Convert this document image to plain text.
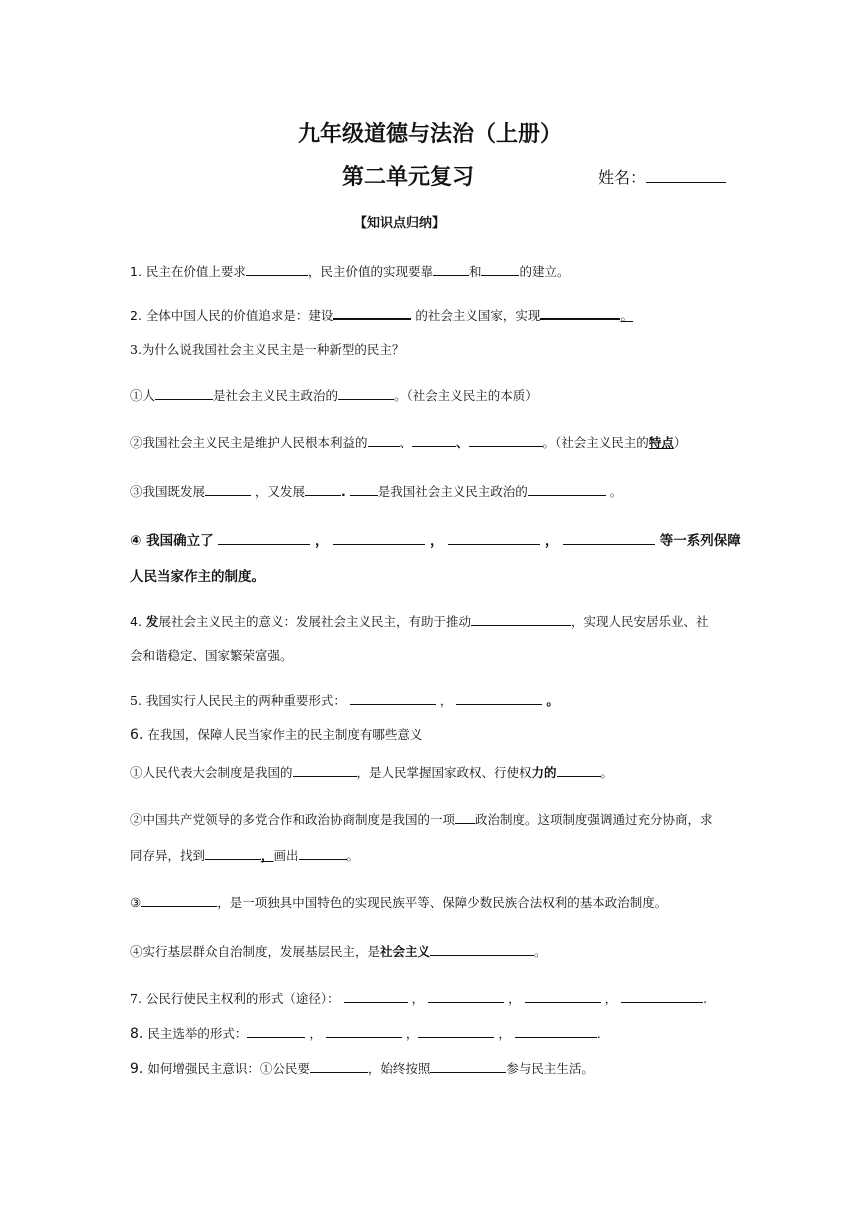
九年级道德与法治（上册）
第二单元复习	姓名：
【知识点归纳】
1. 民主在价值上要求	，民主价值的实现要靠	和	的建立。
2. 全体中国人民的价值追求是：建设	的社会主义国家，实现	。
3.为什么说我国社会主义民主是一种新型的民主？
①人	是社会主义民主政治的	。（社会主义民主的本质）
②我国社会主义民主是维护人民根本利益的	、	、	。（社会主义民主的特点）
③我国既发展	，又发展	.	是我国社会主义民主政治的	。
④ 我国确立了	，	，	，	等一系列保障
人民当家作主的制度。
4. 发展社会主义民主的意义：发展社会主义民主，有助于推动	，实现人民安居乐业、社
会和谐稳定、国家繁荣富强。
5. 我国实行人民民主的两种重要形式：	，	。
6. 在我国，保障人民当家作主的民主制度有哪些意义
①人民代表大会制度是我国的	，是人民掌握国家政权、行使权力的	。
②中国共产党领导的多党合作和政治协商制度是我国的一项 政治制度。这项制度强调通过充分协商，求
同存异，找到	，画出	。
③	，是一项独具中国特色的实现民族平等、保障少数民族合法权利的基本政治制度。
④实行基层群众自治制度，发展基层民主，是社会主义	。
7. 公民行使民主权利的形式（途径）：	，	，	，	.
8. 民主选举的形式：	，	，	，	.
9. 如何增强民主意识：①公民要	，始终按照	参与民主生活。
